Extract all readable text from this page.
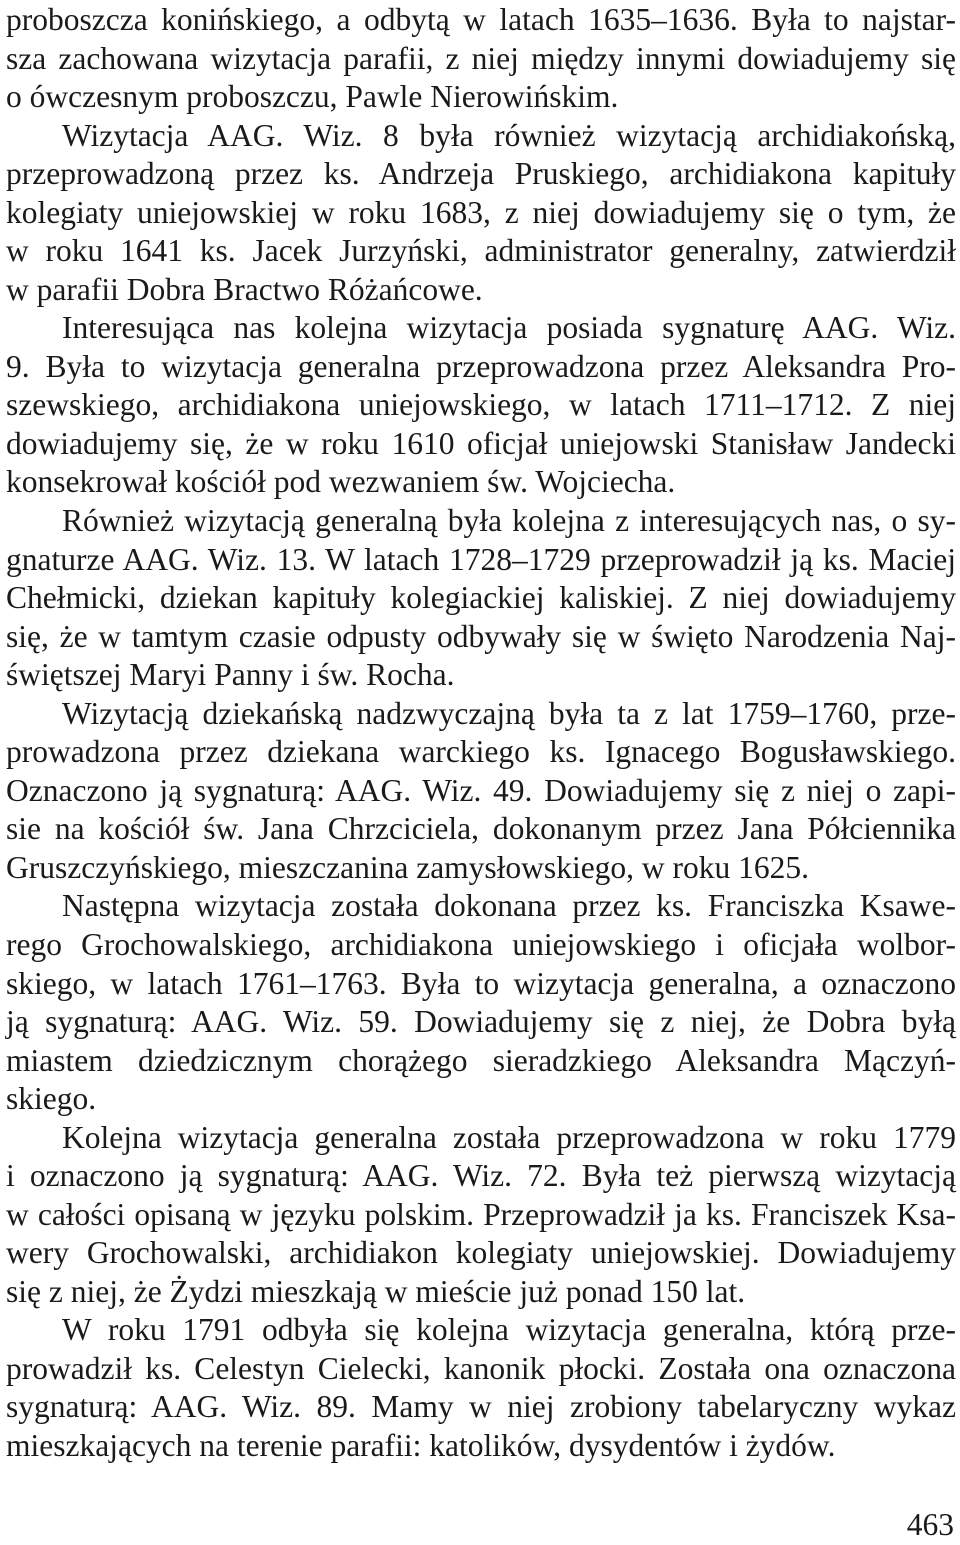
proboszcza konińskiego, a odbytą w latach 1635–1636. Była to najstar-
sza zachowana wizytacja parafii, z niej między innymi dowiadujemy się
o ówczesnym proboszczu, Pawle Nierowińskim.
Wizytacja AAG. Wiz. 8 była również wizytacją archidiakońską,
przeprowadzoną przez ks. Andrzeja Pruskiego, archidiakona kapituły
kolegiaty uniejowskiej w roku 1683, z niej dowiadujemy się o tym, że
w roku 1641 ks. Jacek Jurzyński, administrator generalny, zatwierdził
w parafii Dobra Bractwo Różańcowe.
Interesująca nas kolejna wizytacja posiada sygnaturę AAG. Wiz.
9. Była to wizytacja generalna przeprowadzona przez Aleksandra Pro-
szewskiego, archidiakona uniejowskiego, w latach 1711–1712. Z niej
dowiadujemy się, że w roku 1610 oficjał uniejowski Stanisław Jandecki
konsekrował kościół pod wezwaniem św. Wojciecha.
Również wizytacją generalną była kolejna z interesujących nas, o sy-
gnaturze AAG. Wiz. 13. W latach 1728–1729 przeprowadził ją ks. Maciej
Chełmicki, dziekan kapituły kolegiackiej kaliskiej. Z niej dowiadujemy
się, że w tamtym czasie odpusty odbywały się w święto Narodzenia Naj-
świętszej Maryi Panny i św. Rocha.
Wizytacją dziekańską nadzwyczajną była ta z lat 1759–1760, prze-
prowadzona przez dziekana warckiego ks. Ignacego Bogusławskiego.
Oznaczono ją sygnaturą: AAG. Wiz. 49. Dowiadujemy się z niej o zapi-
sie na kościół św. Jana Chrzciciela, dokonanym przez Jana Półciennika
Gruszczyńskiego, mieszczanina zamysłowskiego, w roku 1625.
Następna wizytacja została dokonana przez ks. Franciszka Ksawe-
rego Grochowalskiego, archidiakona uniejowskiego i oficjała wolbor-
skiego, w latach 1761–1763. Była to wizytacja generalna, a oznaczono
ją sygnaturą: AAG. Wiz. 59. Dowiadujemy się z niej, że Dobra byłą
miastem dziedzicznym chorążego sieradzkiego Aleksandra Mączyń-
skiego.
Kolejna wizytacja generalna została przeprowadzona w roku 1779
i oznaczono ją sygnaturą: AAG. Wiz. 72. Była też pierwszą wizytacją
w całości opisaną w języku polskim. Przeprowadził ja ks. Franciszek Ksa-
wery Grochowalski, archidiakon kolegiaty uniejowskiej. Dowiadujemy
się z niej, że Żydzi mieszkają w mieście już ponad 150 lat.
W roku 1791 odbyła się kolejna wizytacja generalna, którą prze-
prowadził ks. Celestyn Cielecki, kanonik płocki. Została ona oznaczona
sygnaturą: AAG. Wiz. 89. Mamy w niej zrobiony tabelaryczny wykaz
mieszkających na terenie parafii: katolików, dysydentów i żydów.
463
